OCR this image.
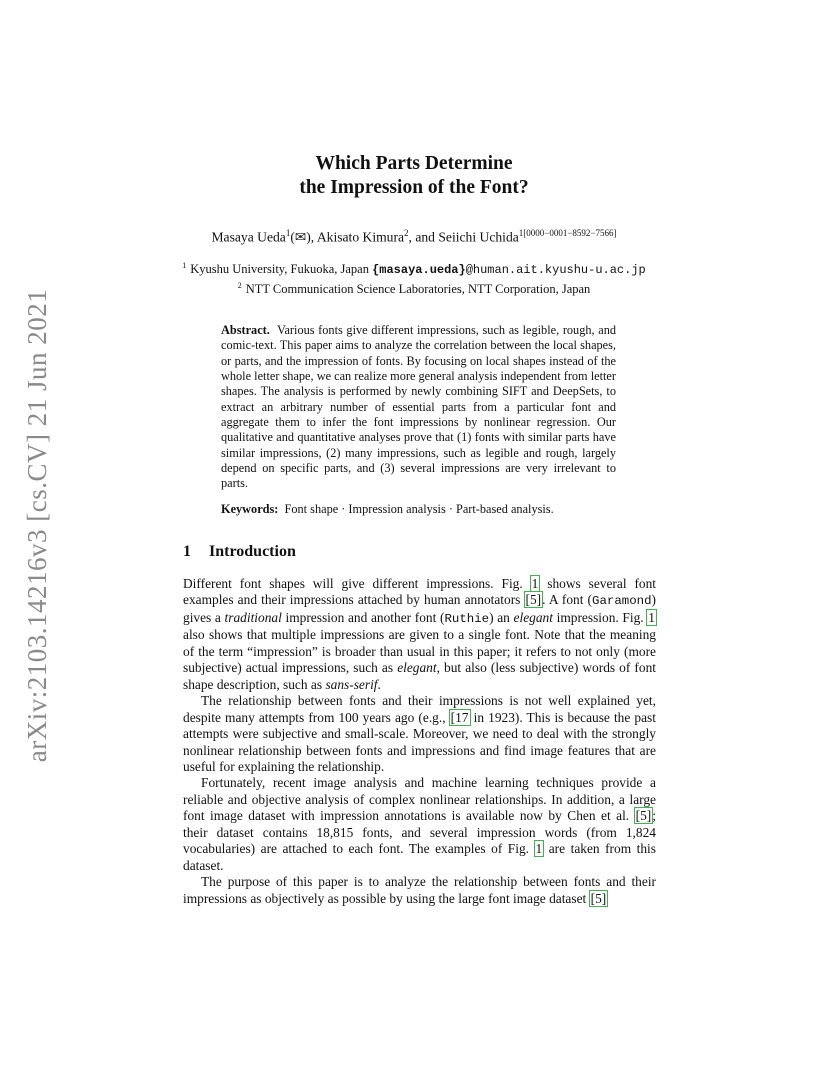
arXiv:2103.14216v3 [cs.CV] 21 Jun 2021
Which Parts Determine
the Impression of the Font?
Masaya Ueda$^1$(✉), Akisato Kimura$^2$, and Seiichi Uchida$^{1[0000-0001-8592-7566]}$
$^1$ Kyushu University, Fukuoka, Japan {masaya.ueda}@human.ait.kyushu-u.ac.jp
$^2$ NTT Communication Science Laboratories, NTT Corporation, Japan
Abstract. Various fonts give different impressions, such as legible, rough, and comic-text. This paper aims to analyze the correlation between the local shapes, or parts, and the impression of fonts. By focusing on local shapes instead of the whole letter shape, we can realize more general analysis independent from letter shapes. The analysis is performed by newly combining SIFT and DeepSets, to extract an arbitrary number of essential parts from a particular font and aggregate them to infer the font impressions by nonlinear regression. Our qualitative and quantitative analyses prove that (1) fonts with similar parts have similar impressions, (2) many impressions, such as legible and rough, largely depend on specific parts, and (3) several impressions are very irrelevant to parts.
Keywords: Font shape · Impression analysis · Part-based analysis.
1 Introduction

Different font shapes will give different impressions. Fig. 1 shows several font examples and their impressions attached by human annotators [5]. A font (Garamond) gives a traditional impression and another font (Ruthie) an elegant impression. Fig. 1 also shows that multiple impressions are given to a single font. Note that the meaning of the term “impression” is broader than usual in this paper; it refers to not only (more subjective) actual impressions, such as elegant, but also (less subjective) words of font shape description, such as sans-serif.

The relationship between fonts and their impressions is not well explained yet, despite many attempts from 100 years ago (e.g., [17 in 1923). This is because the past attempts were subjective and small-scale. Moreover, we need to deal with the strongly nonlinear relationship between fonts and impressions and find image features that are useful for explaining the relationship.

Fortunately, recent image analysis and machine learning techniques provide a reliable and objective analysis of complex nonlinear relationships. In addition, a large font image dataset with impression annotations is available now by Chen et al. [5]; their dataset contains 18,815 fonts, and several impression words (from 1,824 vocabularies) are attached to each font. The examples of Fig. 1 are taken from this dataset.

The purpose of this paper is to analyze the relationship between fonts and their impressions as objectively as possible by using the large font image dataset [5]
